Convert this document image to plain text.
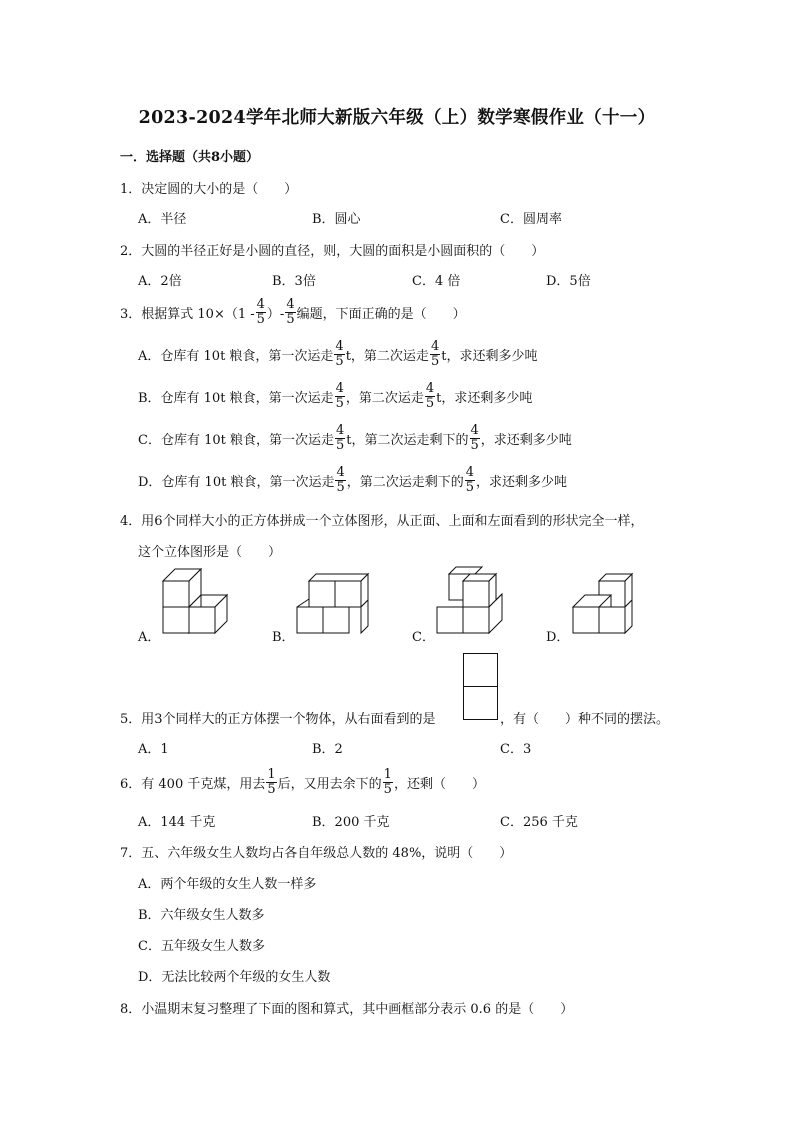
2023-2024学年北师大新版六年级（上）数学寒假作业（十一）
一．选择题（共8小题）
1．决定圆的大小的是（　　）
A．半径	B．圆心	C．圆周率
2．大圆的半径正好是小圆的直径，则，大圆的面积是小圆面积的（　　）
A．2倍	B．3倍	C．4 倍	D．5倍
3．根据算式 $10\times(1 - \frac{4}{5}$ ）- $\frac{4}{5}$ 编题，下面正确的是（　　）
A．仓库有 10t 粮食，第一次运走 $\frac{4}{5}$ t，第二次运走 $\frac{4}{5}$ t，求还剩多少吨
B．仓库有 10t 粮食，第一次运走 $\frac{4}{5}$ ，第二次运走 $\frac{4}{5}$ t，求还剩多少吨
C．仓库有 10t 粮食，第一次运走 $\frac{4}{5}$ t，第二次运走剩下的 $\frac{4}{5}$ ，求还剩多少吨
D．仓库有 10t 粮食，第一次运走 $\frac{4}{5}$ ，第二次运走剩下的 $\frac{4}{5}$ ，求还剩多少吨
4．用6个同样大小的正方体拼成一个立体图形，从正面、上面和左面看到的形状完全一样，
这个立体图形是（　　）
A．	B．	C．	D．
5．用3个同样大的正方体摆一个物体，从右面看到的是	，有（　　）种不同的摆法。
A．1	B．2	C．3
6．有 400 千克煤，用去 $\frac{1}{5}$ 后，又用去余下的 $\frac{1}{5}$ ，还剩（　　）
A．144 千克	B．200 千克	C．256 千克
7．五、六年级女生人数均占各自年级总人数的 48%，说明（　　）
A．两个年级的女生人数一样多
B．六年级女生人数多
C．五年级女生人数多
D．无法比较两个年级的女生人数
8．小温期末复习整理了下面的图和算式，其中画框部分表示 0.6 的是（　　）
